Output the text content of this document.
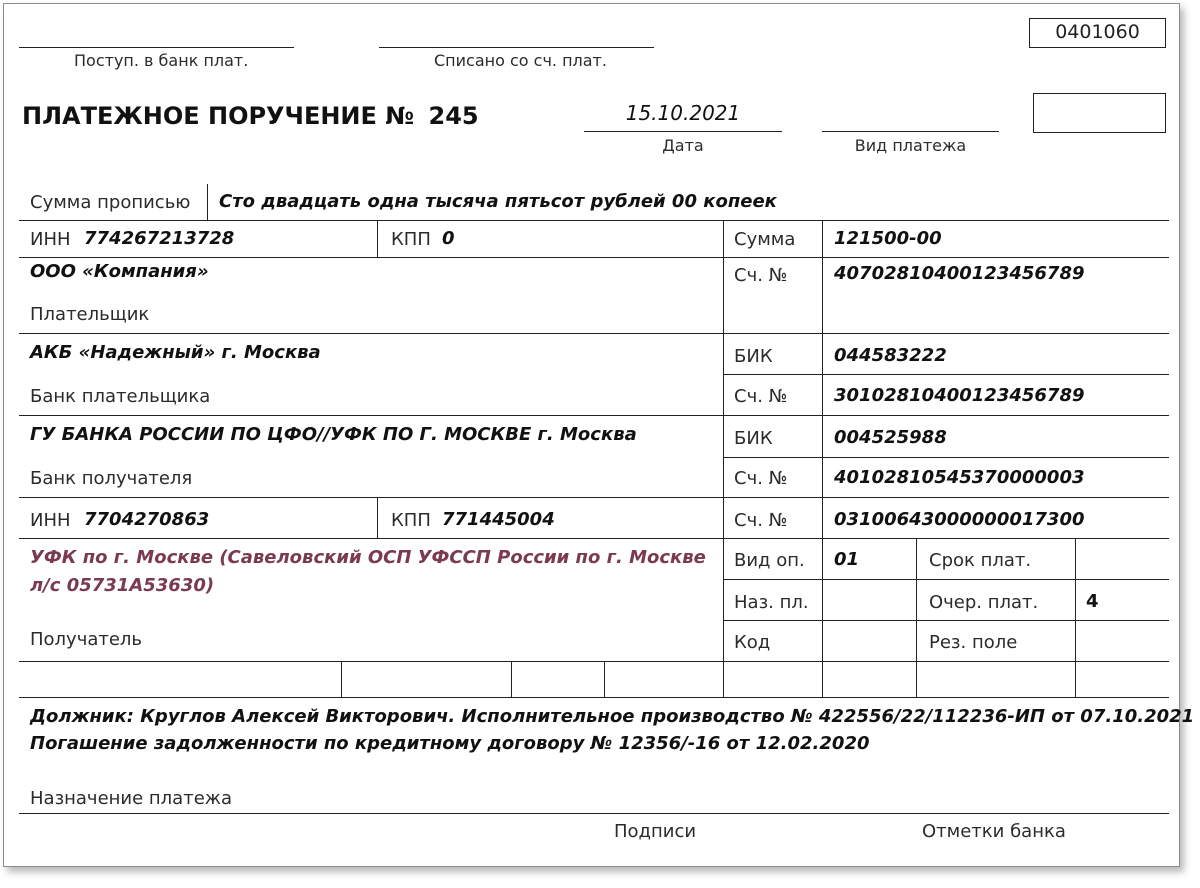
0401060
Поступ. в банк плат.	Списано со сч. плат.
ПЛАТЕЖНОЕ ПОРУЧЕНИЕ № 245	15.10.2021
Дата	Вид платежа
Сумма прописью Сто двадцать одна тысяча пятьсот рублей 00 копеек
ИНН 774267213728	КПП 0	Сумма 121500-00
ООО «Компания»
Плательщик
Сч. №	40702810400123456789
АКБ «Надежный» г. Москва
Банк плательщика
БИК	044583222
Сч. №	30102810400123456789
ГУ БАНКА РОССИИ ПО ЦФО//УФК ПО Г. МОСКВЕ г. Москва
Банк получателя
БИК	004525988
Сч. №	40102810545370000003
ИНН 7704270863	КПП 771445004	Сч. №	03100643000000017300
УФК по г. Москве (Савеловский ОСП УФССП России по г. Москве
л/с 05731А53630)
Получатель
Вид оп. 01	Срок плат.
Наз. пл.	Очер. плат.	4
Код	Рез. поле
Должник: Круглов Алексей Викторович. Исполнительное производство № 422556/22/112236-ИП от 07.10.2021
Погашение задолженности по кредитному договору № 12356/-16 от 12.02.2020
Назначение платежа
Подписи	Отметки банка
